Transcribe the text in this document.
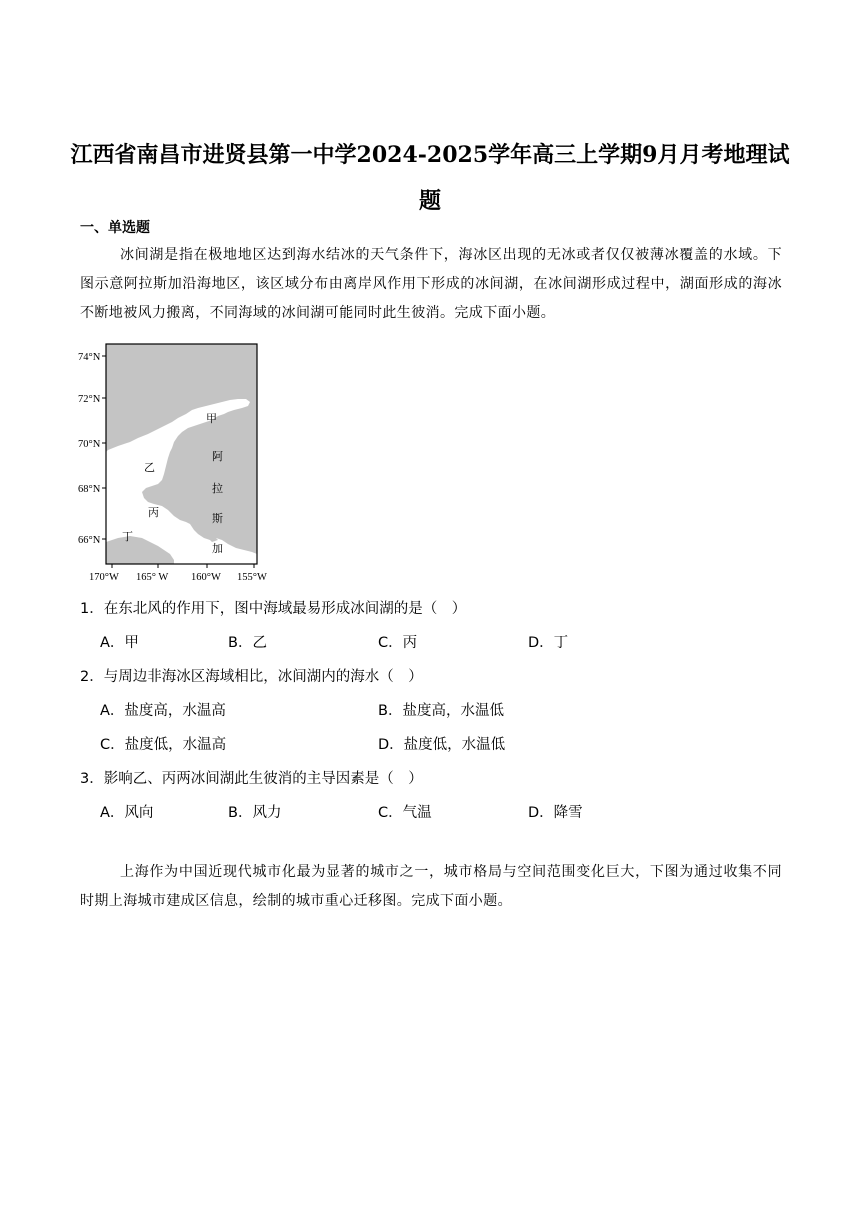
江西省南昌市进贤县第一中学2024-2025学年高三上学期9月月考地理试题
一、单选题
冰间湖是指在极地地区达到海水结冰的天气条件下，海冰区出现的无冰或者仅仅被薄冰覆盖的水域。下图示意阿拉斯加沿海地区，该区域分布由离岸风作用下形成的冰间湖，在冰间湖形成过程中，湖面形成的海冰不断地被风力搬离，不同海域的冰间湖可能同时此生彼消。完成下面小题。
74°N
72°N
70°N
68°N
66°N
170°W 165° W 160°W 155°W
甲
乙
丙
丁
阿
拉
斯
加
1．在东北风的作用下，图中海域最易形成冰间湖的是（　）
A．甲	B．乙	C．丙	D．丁
2．与周边非海冰区海域相比，冰间湖内的海水（　）
A．盐度高，水温高	B．盐度高，水温低
C．盐度低，水温高	D．盐度低，水温低
3．影响乙、丙两冰间湖此生彼消的主导因素是（　）
A．风向	B．风力	C．气温	D．降雪
上海作为中国近现代城市化最为显著的城市之一，城市格局与空间范围变化巨大，下图为通过收集不同时期上海城市建成区信息，绘制的城市重心迁移图。完成下面小题。
